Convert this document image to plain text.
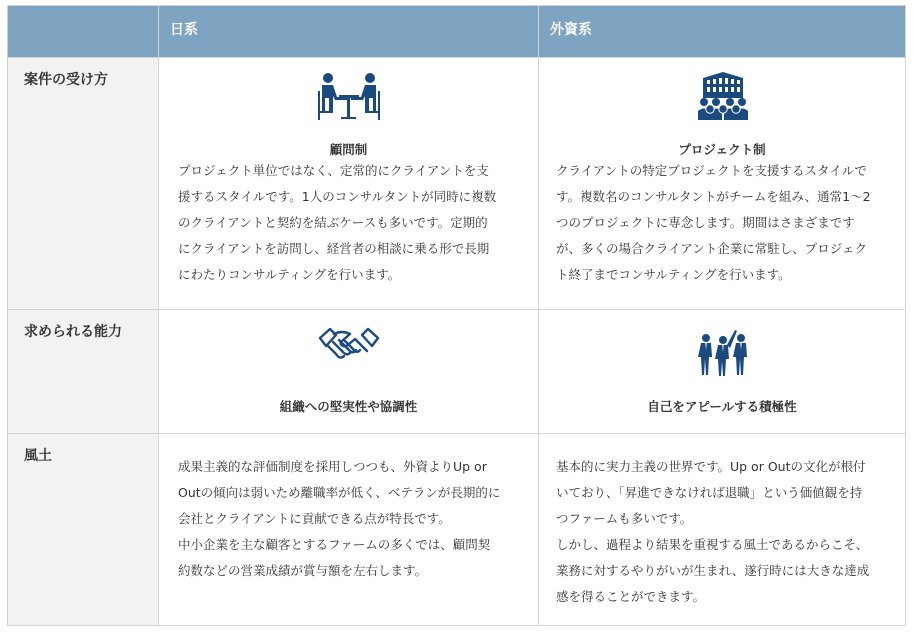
日系	外資系
案件の受け方
求められる能力
風土
顧問制
プロジェクト単位ではなく、定常的にクライアントを支
援するスタイルです。1人のコンサルタントが同時に複数
のクライアントと契約を結ぶケースも多いです。定期的
にクライアントを訪問し、経営者の相談に乗る形で長期
にわたりコンサルティングを行います。
プロジェクト制
クライアントの特定プロジェクトを支援するスタイルで
す。複数名のコンサルタントがチームを組み、通常1〜2
つのプロジェクトに専念します。期間はさまざまです
が、多くの場合クライアント企業に常駐し、プロジェク
ト終了までコンサルティングを行います。
組織への堅実性や協調性	自己をアピールする積極性
成果主義的な評価制度を採用しつつも、外資よりUp or
Outの傾向は弱いため離職率が低く、ベテランが長期的に
会社とクライアントに貢献できる点が特長です。
中小企業を主な顧客とするファームの多くでは、顧問契
約数などの営業成績が賞与額を左右します。
基本的に実力主義の世界です。Up or Outの文化が根付
いており、「昇進できなければ退職」という価値観を持
つファームも多いです。
しかし、過程より結果を重視する風土であるからこそ、
業務に対するやりがいが生まれ、遂行時には大きな達成
感を得ることができます。
